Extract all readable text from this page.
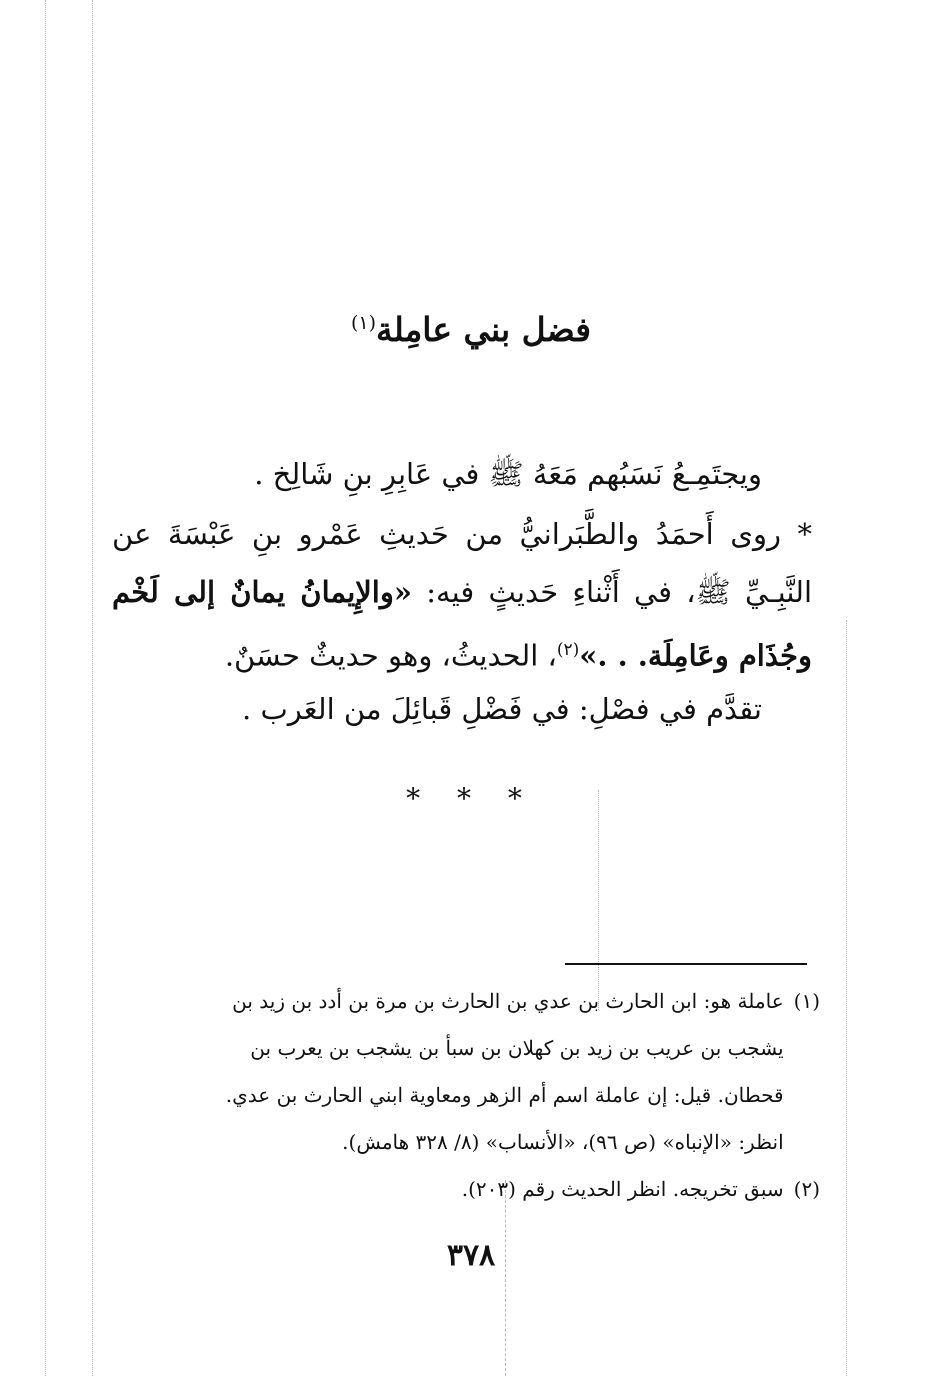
فضل بني عامِلة$^{(١)}$
ويجتَمِـعُ نَسَبُهم مَعَهُ ﷺ في عَابِرِ بنِ شَالِخ .
* روى أَحمَدُ والطَّبَرانيُّ من حَديثِ عَمْرو بنِ عَبْسَةَ عن النَّبِـيِّ ﷺ، في أَثْناءِ حَديثٍ فيه: «والإِيمانُ يمانٌ إلى لَخْم وجُذَام وعَامِلَة. . .»$^{(٢)}$، الحديثُ، وهو حديثٌ حسَنٌ.
تقدَّم في فصْلِ: في فَضْلِ قَبائِلَ من العَرب .
* * *
(١)
عاملة هو: ابن الحارث بن عدي بن الحارث بن مرة بن أدد بن زيد بن
يشجب بن عريب بن زيد بن كهلان بن سبأ بن يشجب بن يعرب بن
قحطان. قيل: إن عاملة اسم أم الزهر ومعاوية ابني الحارث بن عدي.
انظر: «الإنباه» (ص ٩٦)، «الأنساب» (٨/ ٣٢٨ هامش).
(٢)
سبق تخريجه. انظر الحديث رقم (٢٠٣).
٣٧٨
